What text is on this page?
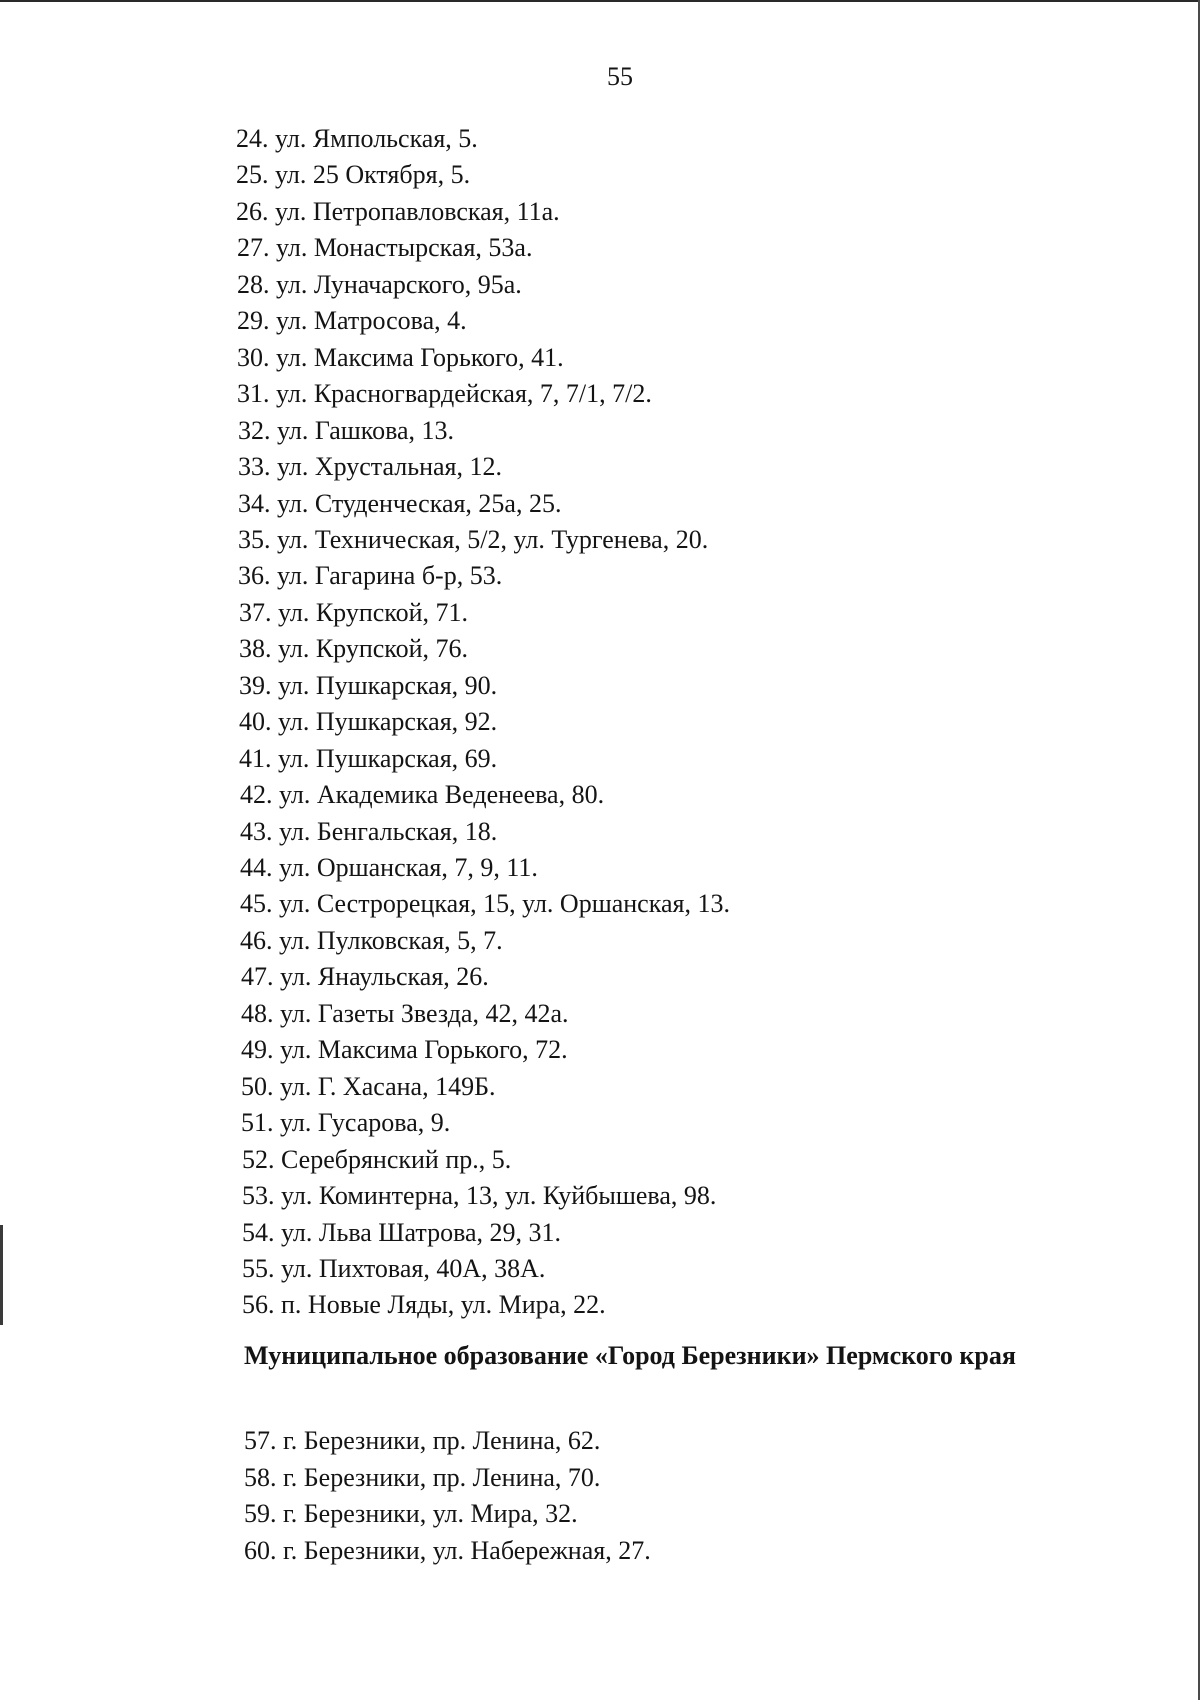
55
24. ул. Ямпольская, 5.
25. ул. 25 Октября, 5.
26. ул. Петропавловская, 11а.
27. ул. Монастырская, 53а.
28. ул. Луначарского, 95а.
29. ул. Матросова, 4.
30. ул. Максима Горького, 41.
31. ул. Красногвардейская, 7, 7/1, 7/2.
32. ул. Гашкова, 13.
33. ул. Хрустальная, 12.
34. ул. Студенческая, 25а, 25.
35. ул. Техническая, 5/2, ул. Тургенева, 20.
36. ул. Гагарина б-р, 53.
37. ул. Крупской, 71.
38. ул. Крупской, 76.
39. ул. Пушкарская, 90.
40. ул. Пушкарская, 92.
41. ул. Пушкарская, 69.
42. ул. Академика Веденеева, 80.
43. ул. Бенгальская, 18.
44. ул. Оршанская, 7, 9, 11.
45. ул. Сестрорецкая, 15, ул. Оршанская, 13.
46. ул. Пулковская, 5, 7.
47. ул. Янаульская, 26.
48. ул. Газеты Звезда, 42, 42а.
49. ул. Максима Горького, 72.
50. ул. Г. Хасана, 149Б.
51. ул. Гусарова, 9.
52. Серебрянский пр., 5.
53. ул. Коминтерна, 13, ул. Куйбышева, 98.
54. ул. Льва Шатрова, 29, 31.
55. ул. Пихтовая, 40А, 38А.
56. п. Новые Ляды, ул. Мира, 22.

Муниципальное образование «Город Березники» Пермского края

57. г. Березники, пр. Ленина, 62.
58. г. Березники, пр. Ленина, 70.
59. г. Березники, ул. Мира, 32.
60. г. Березники, ул. Набережная, 27.
